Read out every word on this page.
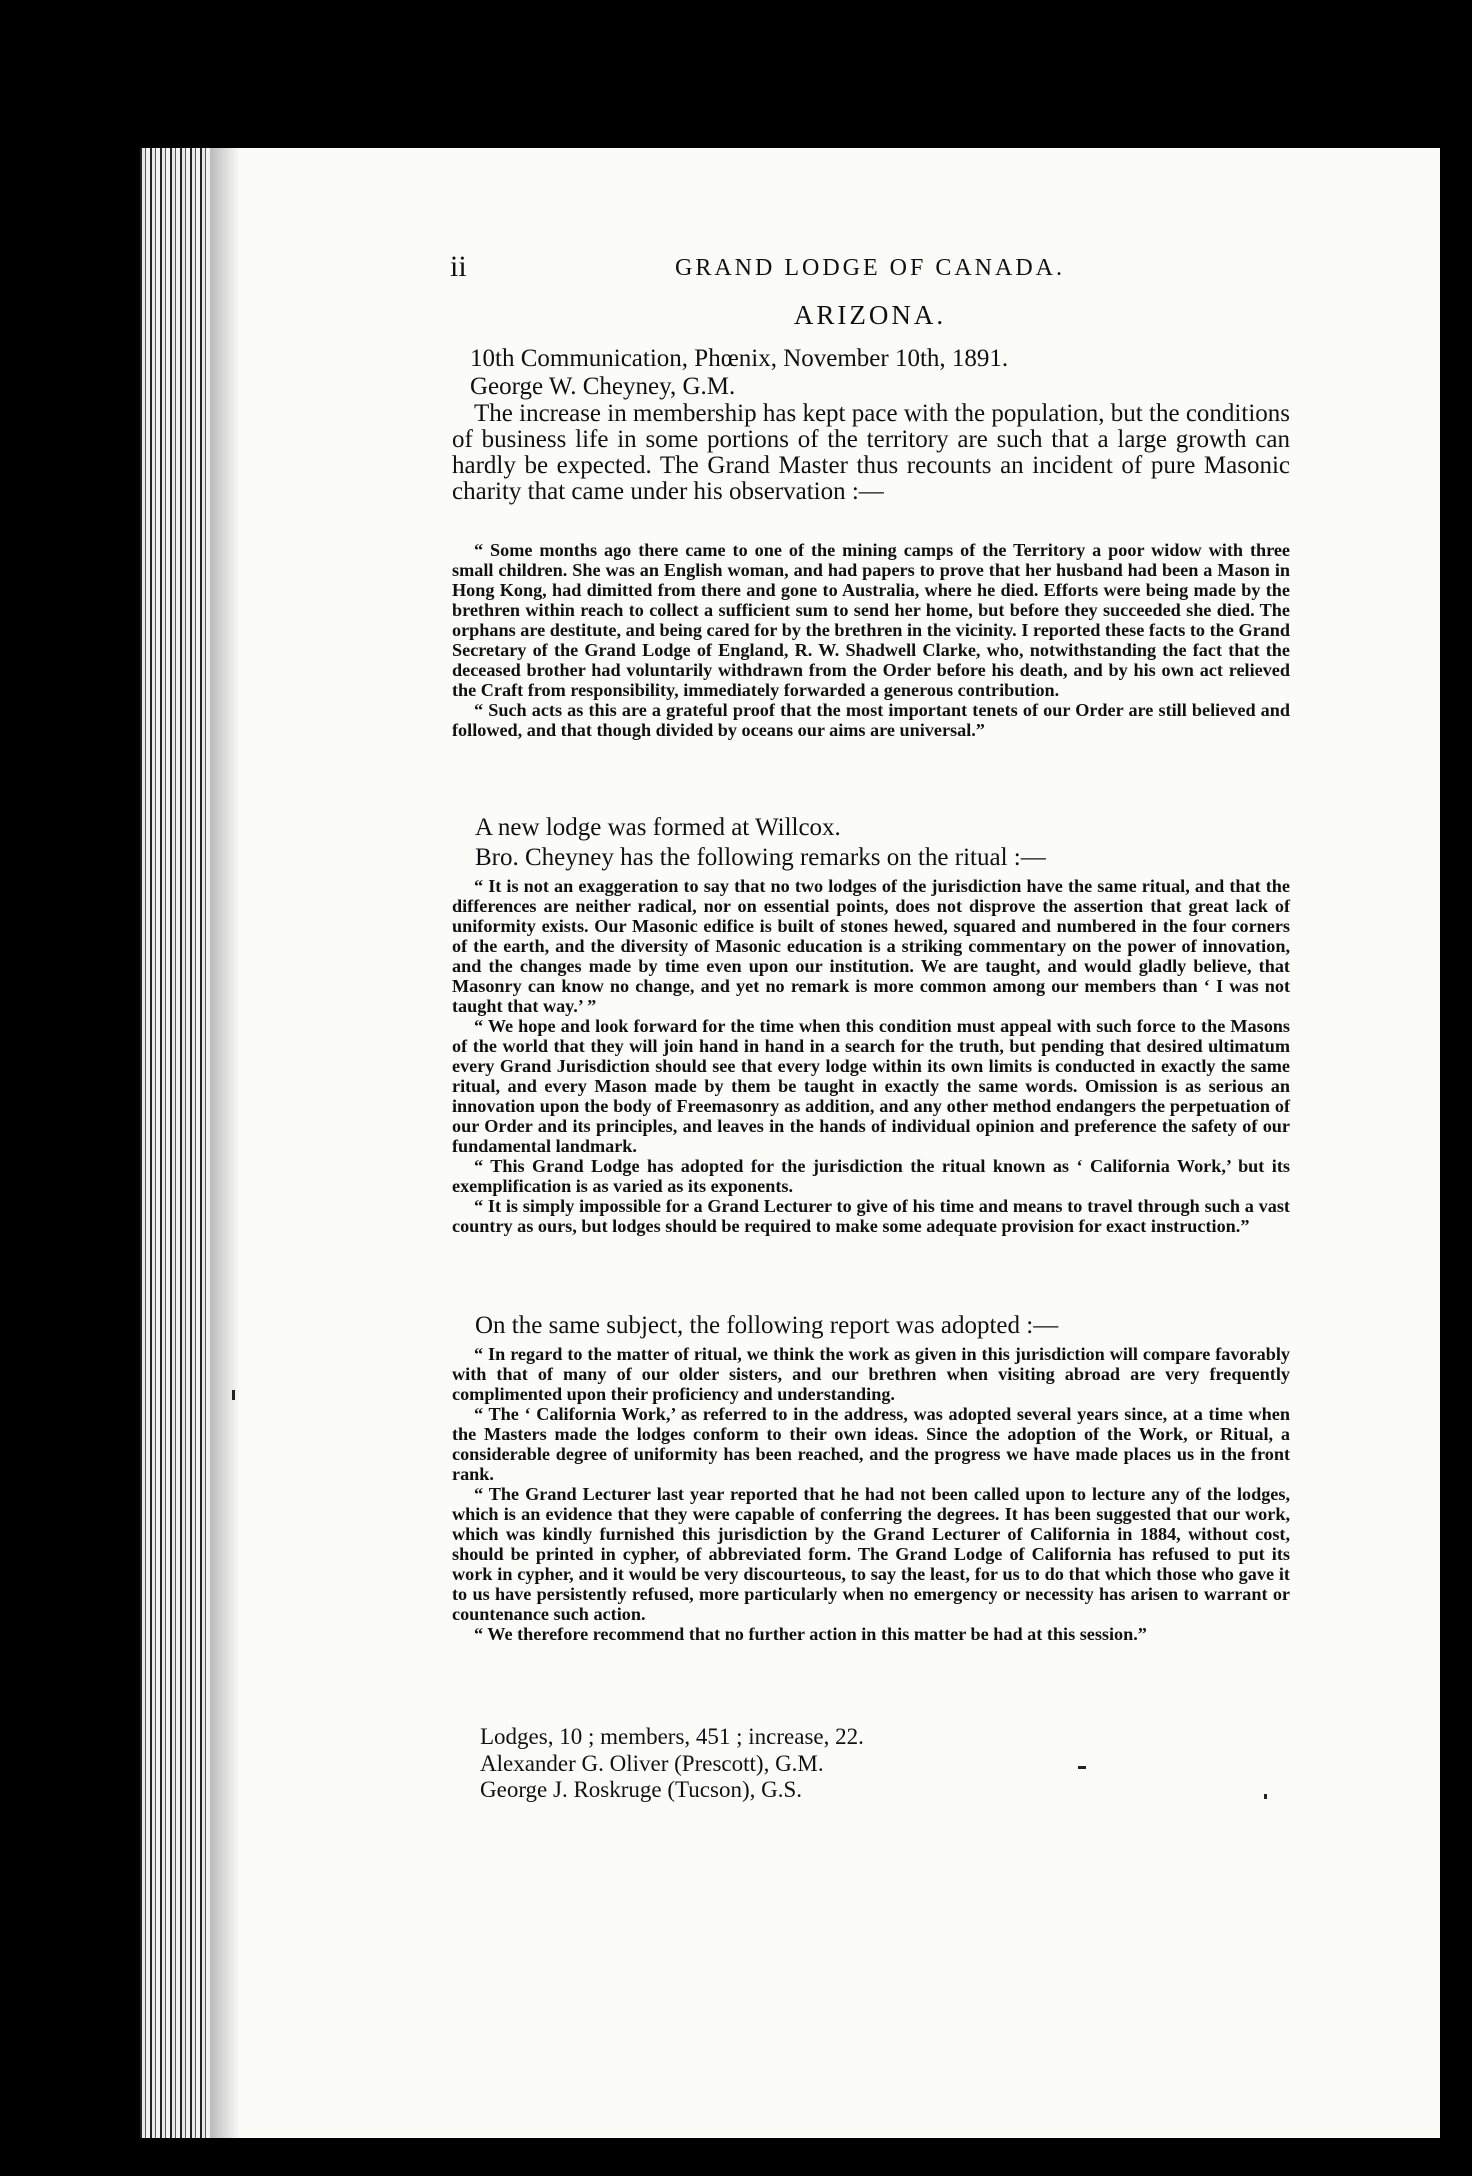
ii	GRAND LODGE OF CANADA.
ARIZONA.
10th Communication, Phœnix, November 10th, 1891.
George W. Cheyney, G.M.

The increase in membership has kept pace with the population, but the conditions of business life in some portions of the territory are such that a large growth can hardly be expected. The Grand Master thus recounts an incident of pure Masonic charity that came under his observation :—

“ Some months ago there came to one of the mining camps of the Territory a poor widow with three small children. She was an English woman, and had papers to prove that her husband had been a Mason in Hong Kong, had dimitted from there and gone to Australia, where he died. Efforts were being made by the brethren within reach to collect a sufficient sum to send her home, but before they succeeded she died. The orphans are destitute, and being cared for by the brethren in the vicinity. I reported these facts to the Grand Secretary of the Grand Lodge of England, R. W. Shadwell Clarke, who, notwithstanding the fact that the deceased brother had voluntarily withdrawn from the Order before his death, and by his own act relieved the Craft from responsibility, immediately forwarded a generous contribution.

“ Such acts as this are a grateful proof that the most important tenets of our Order are still believed and followed, and that though divided by oceans our aims are universal.”

A new lodge was formed at Willcox.
Bro. Cheyney has the following remarks on the ritual :—

“ It is not an exaggeration to say that no two lodges of the jurisdiction have the same ritual, and that the differences are neither radical, nor on essential points, does not disprove the assertion that great lack of uniformity exists. Our Masonic edifice is built of stones hewed, squared and numbered in the four corners of the earth, and the diversity of Masonic education is a striking commentary on the power of innovation, and the changes made by time even upon our institution. We are taught, and would gladly believe, that Masonry can know no change, and yet no remark is more common among our members than ‘ I was not taught that way.’ ”

“ We hope and look forward for the time when this condition must appeal with such force to the Masons of the world that they will join hand in hand in a search for the truth, but pending that desired ultimatum every Grand Jurisdiction should see that every lodge within its own limits is conducted in exactly the same ritual, and every Mason made by them be taught in exactly the same words. Omission is as serious an innovation upon the body of Freemasonry as addition, and any other method endangers the perpetuation of our Order and its principles, and leaves in the hands of individual opinion and preference the safety of our fundamental landmark.

“ This Grand Lodge has adopted for the jurisdiction the ritual known as ‘ California Work,’ but its exemplification is as varied as its exponents.

“ It is simply impossible for a Grand Lecturer to give of his time and means to travel through such a vast country as ours, but lodges should be required to make some adequate provision for exact instruction.”

On the same subject, the following report was adopted :—

“ In regard to the matter of ritual, we think the work as given in this jurisdiction will compare favorably with that of many of our older sisters, and our brethren when visiting abroad are very frequently complimented upon their proficiency and understanding.

“ The ‘ California Work,’ as referred to in the address, was adopted several years since, at a time when the Masters made the lodges conform to their own ideas. Since the adoption of the Work, or Ritual, a considerable degree of uniformity has been reached, and the progress we have made places us in the front rank.

“ The Grand Lecturer last year reported that he had not been called upon to lecture any of the lodges, which is an evidence that they were capable of conferring the degrees. It has been suggested that our work, which was kindly furnished this jurisdiction by the Grand Lecturer of California in 1884, without cost, should be printed in cypher, of abbreviated form. The Grand Lodge of California has refused to put its work in cypher, and it would be very discourteous, to say the least, for us to do that which those who gave it to us have persistently refused, more particularly when no emergency or necessity has arisen to warrant or countenance such action.

“ We therefore recommend that no further action in this matter be had at this session.”

Lodges, 10 ; members, 451 ; increase, 22.
Alexander G. Oliver (Prescott), G.M.
George J. Roskruge (Tucson), G.S.
